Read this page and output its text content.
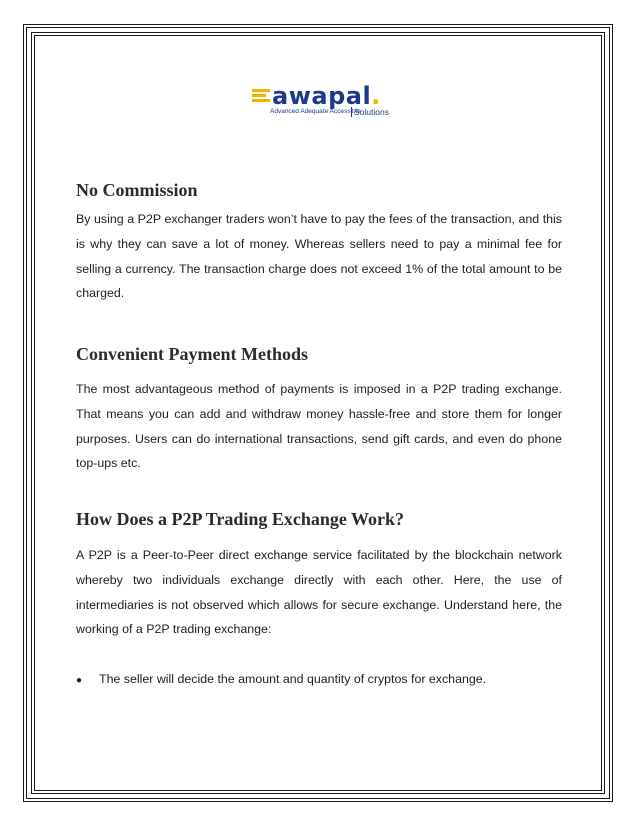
awapal.
Advanced Adequate Accessible
Solutions
No Commission

By using a P2P exchanger traders won’t have to pay the fees of the transaction, and this is why they can save a lot of money. Whereas sellers need to pay a minimal fee for selling a currency. The transaction charge does not exceed 1% of the total amount to be charged.

Convenient Payment Methods

The most advantageous method of payments is imposed in a P2P trading exchange. That means you can add and withdraw money hassle-free and store them for longer purposes. Users can do international transactions, send gift cards, and even do phone top-ups etc.

How Does a P2P Trading Exchange Work?

A P2P is a Peer-to-Peer direct exchange service facilitated by the blockchain network whereby two individuals exchange directly with each other. Here, the use of intermediaries is not observed which allows for secure exchange. Understand here, the working of a P2P trading exchange:

● The seller will decide the amount and quantity of cryptos for exchange.
